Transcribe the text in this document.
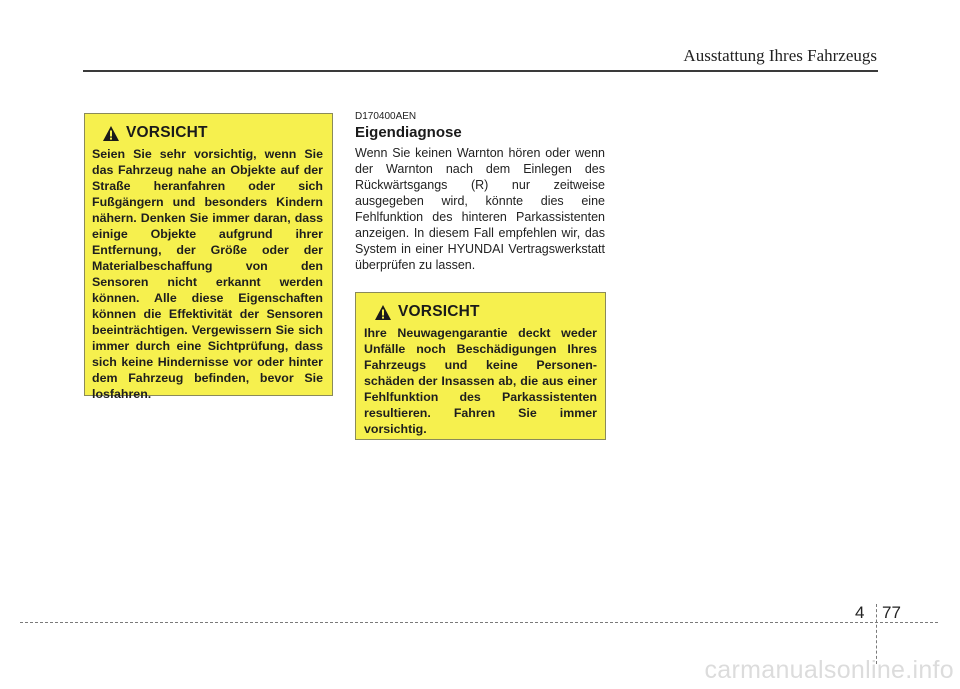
Ausstattung Ihres Fahrzeugs
VORSICHT

Seien Sie sehr vorsichtig, wenn Sie das Fahrzeug nahe an Objekte auf der Straße heranfahren oder sich Fußgängern und besonders Kindern nähern. Denken Sie immer daran, dass einige Objekte aufgrund ihrer Entfernung, der Größe oder der Materialbeschaffung von den Sensoren nicht erkannt werden können. Alle diese Eigenschaften können die Effektivität der Sensoren beeinträchtigen. Vergewissern Sie sich immer durch eine Sichtprüfung, dass sich keine Hindernisse vor oder hinter dem Fahrzeug befinden, bevor Sie losfahren.

D170400AEN
Eigendiagnose

Wenn Sie keinen Warnton hören oder wenn der Warnton nach dem Einlegen des Rückwärtsgangs (R) nur zeitweise ausgegeben wird, könnte dies eine Fehlfunktion des hinteren Parkassistenten anzeigen. In diesem Fall empfehlen wir, das System in einer HYUNDAI Vertragswerkstatt überprüfen zu lassen.

VORSICHT

Ihre Neuwagengarantie deckt weder Unfälle noch Beschädigungen Ihres Fahrzeugs und keine Personen-schäden der Insassen ab, die aus einer Fehlfunktion des Parkassistenten resultieren. Fahren Sie immer vorsichtig.

4 77
carmanualsonline.info
